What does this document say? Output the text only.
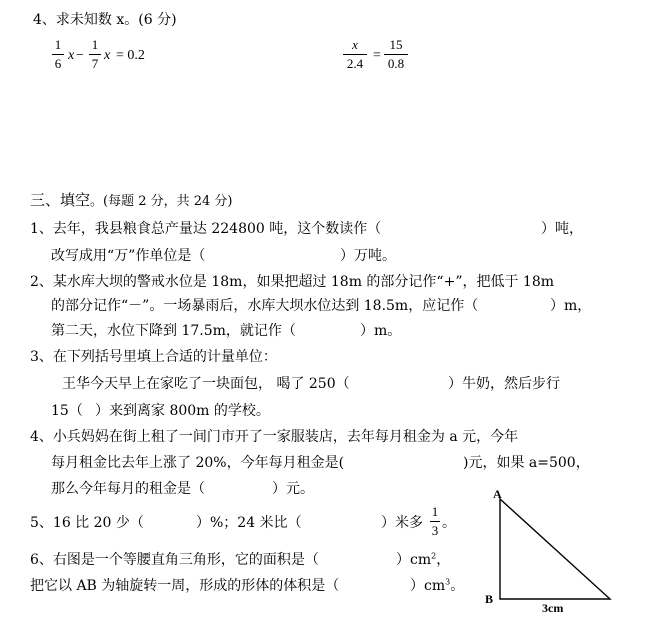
4、求未知数 x。(6 分)
1
6
x −
1
7
x = 0.2
x
2.4
=
15
0.8
三、填空。(每题 2 分，共 24 分)
1、去年，我县粮食总产量达 224800 吨，这个数读作（	）吨，
改写成用“万”作单位是（	）万吨。
2、某水库大坝的警戒水位是 18m，如果把超过 18m 的部分记作“+”，把低于 18m
的部分记作“－”。一场暴雨后，水库大坝水位达到 18.5m，应记作（	）m，
第二天，水位下降到 17.5m，就记作（	）m。
3、在下列括号里填上合适的计量单位：
王华今天早上在家吃了一块面包， 喝了 250（	）牛奶，然后步行
15（ ）来到离家 800m 的学校。
4、小兵妈妈在街上租了一间门市开了一家服装店，去年每月租金为 a 元，今年
每月租金比去年上涨了 20%，今年每月租金是(	)元，如果 a=500，
那么今年每月的租金是（	）元。
5、16 比 20 少（	）%；24 米比（	）米多
1
3 。
6、右图是一个等腰直角三角形，它的面积是（	）$cm^2$，
把它以 AB 为轴旋转一周，形成的形体的体积是（	）$cm^3$。
A
B
3cm
